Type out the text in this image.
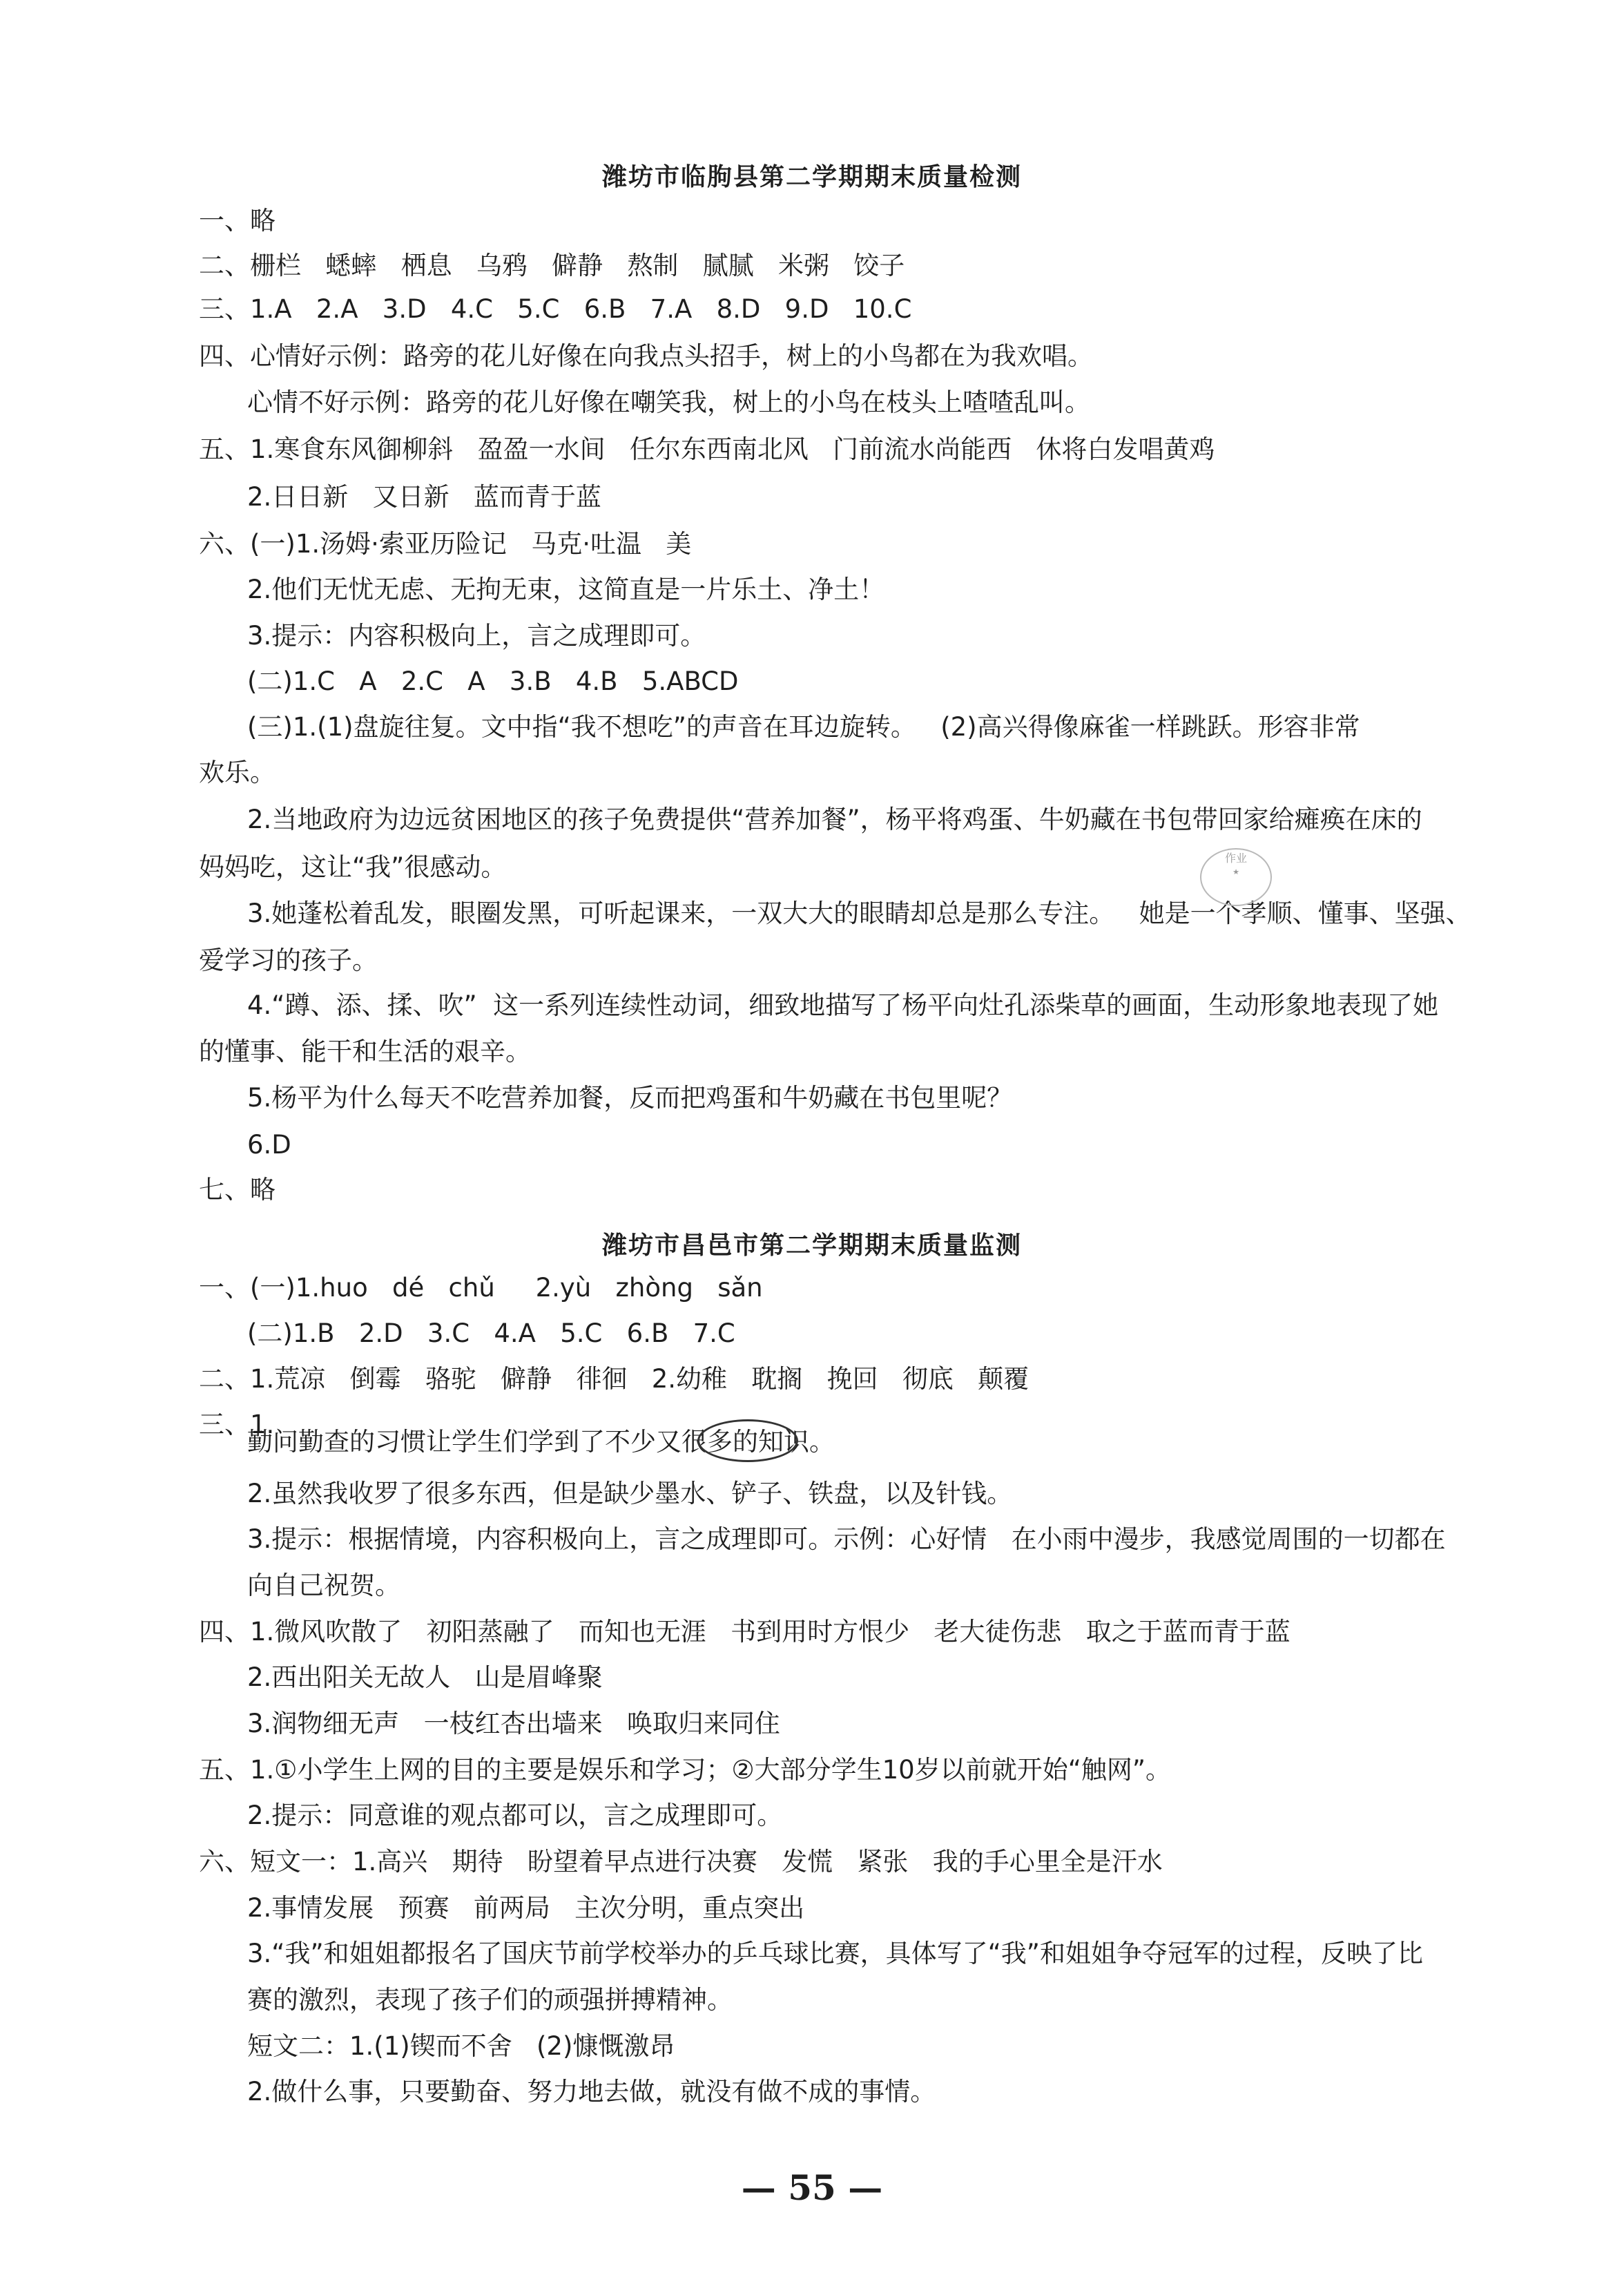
潍坊市临朐县第二学期期末质量检测
一、略
二、栅栏   蟋蟀   栖息   乌鸦   僻静   熬制   腻腻   米粥   饺子
三、1.A   2.A   3.D   4.C   5.C   6.B   7.A   8.D   9.D   10.C
四、心情好示例：路旁的花儿好像在向我点头招手，树上的小鸟都在为我欢唱。
心情不好示例：路旁的花儿好像在嘲笑我，树上的小鸟在枝头上喳喳乱叫。
五、1.寒食东风御柳斜   盈盈一水间   任尔东西南北风   门前流水尚能西   休将白发唱黄鸡
2.日日新   又日新   蓝而青于蓝
六、(一)1.汤姆·索亚历险记   马克·吐温   美
2.他们无忧无虑、无拘无束，这简直是一片乐土、净土！
3.提示：内容积极向上，言之成理即可。
(二)1.C   A   2.C   A   3.B   4.B   5.ABCD
(三)1.(1)盘旋往复。文中指“我不想吃”的声音在耳边旋转。   (2)高兴得像麻雀一样跳跃。形容非常
欢乐。
2.当地政府为边远贫困地区的孩子免费提供“营养加餐”，杨平将鸡蛋、牛奶藏在书包带回家给瘫痪在床的
妈妈吃，这让“我”很感动。
3.她蓬松着乱发，眼圈发黑，可听起课来，一双大大的眼睛却总是那么专注。   她是一个孝顺、懂事、坚强、
爱学习的孩子。
4.“蹲、添、揉、吹”  这一系列连续性动词，细致地描写了杨平向灶孔添柴草的画面，生动形象地表现了她
的懂事、能干和生活的艰辛。
5.杨平为什么每天不吃营养加餐，反而把鸡蛋和牛奶藏在书包里呢？
6.D
七、略
潍坊市昌邑市第二学期期末质量监测
一、(一)1.huo   dé   chǔ     2.yù   zhòng   sǎn
(二)1.B   2.D   3.C   4.A   5.C   6.B   7.C
二、1.荒凉   倒霉   骆驼   僻静   徘徊   2.幼稚   耽搁   挽回   彻底   颠覆
三、1.
勤问勤查的习惯让学生们学到了不少又很多的知识。
2.虽然我收罗了很多东西，但是缺少墨水、铲子、铁盘，以及针钱。
3.提示：根据情境，内容积极向上，言之成理即可。示例：心好情   在小雨中漫步，我感觉周围的一切都在
向自己祝贺。
四、1.微风吹散了   初阳蒸融了   而知也无涯   书到用时方恨少   老大徒伤悲   取之于蓝而青于蓝
2.西出阳关无故人   山是眉峰聚
3.润物细无声   一枝红杏出墙来   唤取归来同住
五、1.①小学生上网的目的主要是娱乐和学习；②大部分学生10岁以前就开始“触网”。
2.提示：同意谁的观点都可以，言之成理即可。
六、短文一：1.高兴   期待   盼望着早点进行决赛   发慌   紧张   我的手心里全是汗水
2.事情发展   预赛   前两局   主次分明，重点突出
3.“我”和姐姐都报名了国庆节前学校举办的乒乓球比赛，具体写了“我”和姐姐争夺冠军的过程，反映了比
赛的激烈，表现了孩子们的顽强拼搏精神。
短文二：1.(1)锲而不舍   (2)慷慨激昂
2.做什么事，只要勤奋、努力地去做，就没有做不成的事情。
作业
★
— 55 —
